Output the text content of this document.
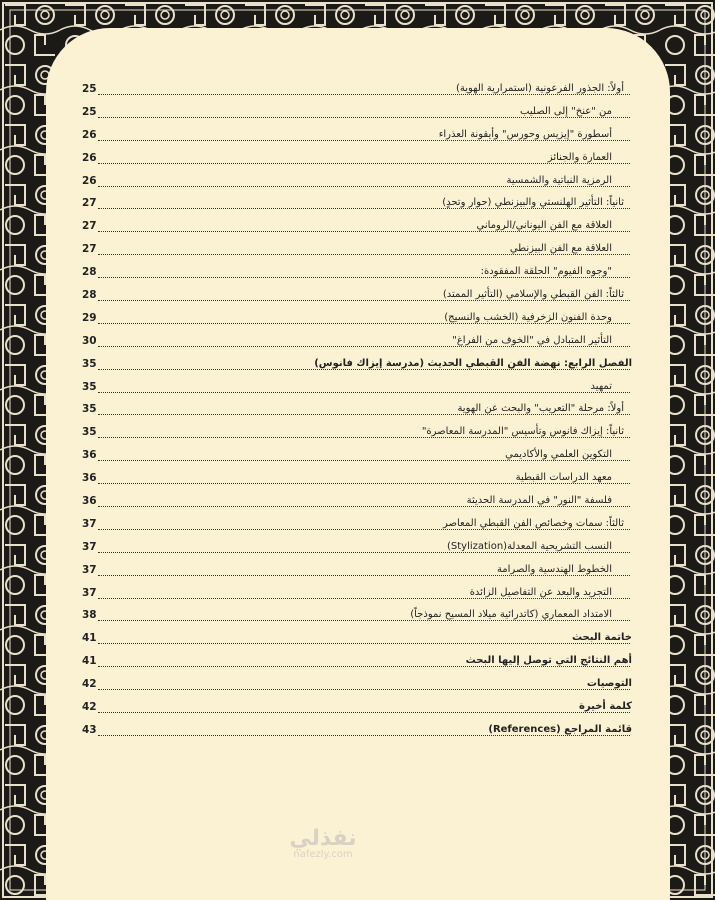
أولاً: الجذور الفرعونية (استمرارية الهوية)
25
من "عنخ" إلى الصليب
25
أسطورة "إيزيس وحورس" وأيقونة العذراء
26
العمارة والجنائز
26
الرمزية النباتية والشمسية
26
ثانياً: التأثير الهلنستي والبيزنطي (حوار وتحدٍ)
27
العلاقة مع الفن اليوناني/الروماني
27
العلاقة مع الفن البيزنطي
27
"وجوه الفيوم" الحلقة المفقودة:
28
ثالثاً: الفن القبطي والإسلامي (التأثير الممتد)
28
وحدة الفنون الزخرفية (الخشب والنسيج)
29
التأثير المتبادل في "الخوف من الفراغ"
30
الفصل الرابع: نهضة الفن القبطي الحديث (مدرسة إيزاك فانوس)
35
تمهيد
35
أولاً: مرحلة "التعريب" والبحث عن الهوية
35
ثانياً: إيزاك فانوس وتأسيس "المدرسة المعاصرة"
35
التكوين العلمي والأكاديمي
36
معهد الدراسات القبطية
36
فلسفة "النور" في المدرسة الحديثة
36
ثالثاً: سمات وخصائص الفن القبطي المعاصر
37
النسب التشريحية المعدلة(Stylization)
37
الخطوط الهندسية والصرامة
37
التجريد والبعد عن التفاصيل الزائدة
37
الامتداد المعماري (كاتدرائية ميلاد المسيح نموذجاً)
38
خاتمة البحث
41
أهم النتائج التي توصل إليها البحث
41
التوصيات
42
كلمة أخيرة
42
قائمة المراجع (References)
43
نفذلي
nafezly.com
